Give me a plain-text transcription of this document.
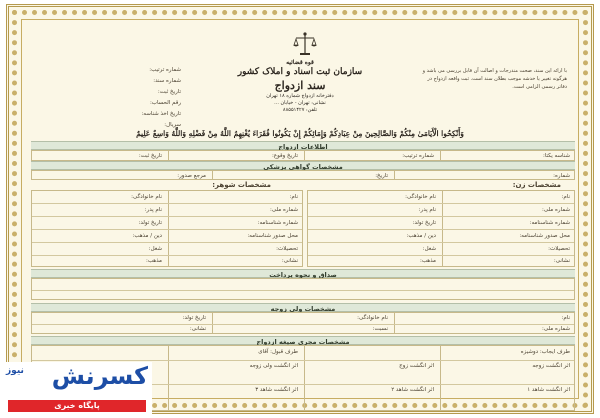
قوه قضائیه
سازمان ثبت اسناد و املاک کشور
سند ازدواج
دفترخانه ازدواج شماره ۱۸ تهران
نشانی: تهران - خیابان ...
تلفن: ۸۸۵۵۱۴۲۷
شماره ترتیب:
شماره سند:
تاریخ ثبت:
رقم الحساب:
تاریخ اخذ شناسه:
سریال:
با ارائه این سند، صحت مندرجات و اصالت آن قابل بررسی می باشد و هرگونه تغییر یا خدشه موجب بطلان سند است. ثبت واقعه ازدواج در دفاتر رسمی الزامی است.
وَأَنْكِحُوا الْأَيَامَىٰ مِنْكُمْ وَالصَّالِحِينَ مِنْ عِبَادِكُمْ وَإِمَائِكُمْ إِنْ يَكُونُوا فُقَرَاءَ يُغْنِهِمُ اللَّهُ مِنْ فَضْلِهِ وَاللَّهُ وَاسِعٌ عَلِيمٌ
اطلاعات ازدواج
شناسه یکتا:
شماره ترتیب:
تاریخ وقوع:
تاریخ ثبت:
مشخصات گواهی پزشکی
شماره:
تاریخ:
مرجع صدور:
مشخصات زن:
مشخصات شوهر:
نام:
نام خانوادگی:
شماره ملی:
نام پدر:
شماره شناسنامه:
تاریخ تولد:
محل صدور شناسنامه:
دین / مذهب:
تحصیلات:
شغل:
نشانی:
مذهب:
نام:
نام خانوادگی:
شماره ملی:
نام پدر:
شماره شناسنامه:
تاریخ تولد:
محل صدور شناسنامه:
دین / مذهب:
تحصیلات:
شغل:
نشانی:
مذهب:
صداق و نحوه پرداخت
مشخصات ولی زوجه
نام:
نام خانوادگی:
تاریخ تولد:
شماره ملی:
نسبت:
نشانی:
مشخصات مجری صیغه ازدواج
طرف ایجاب: دوشیزه
طرف قبول: آقای
اثر انگشت زوجه
اثر انگشت زوج
اثر انگشت ولی زوجه
اثر انگشت شاهد ۱
اثر انگشت شاهد ۲
اثر انگشت شاهد ۳
نیوز کسرنش
پایگاه خبری
